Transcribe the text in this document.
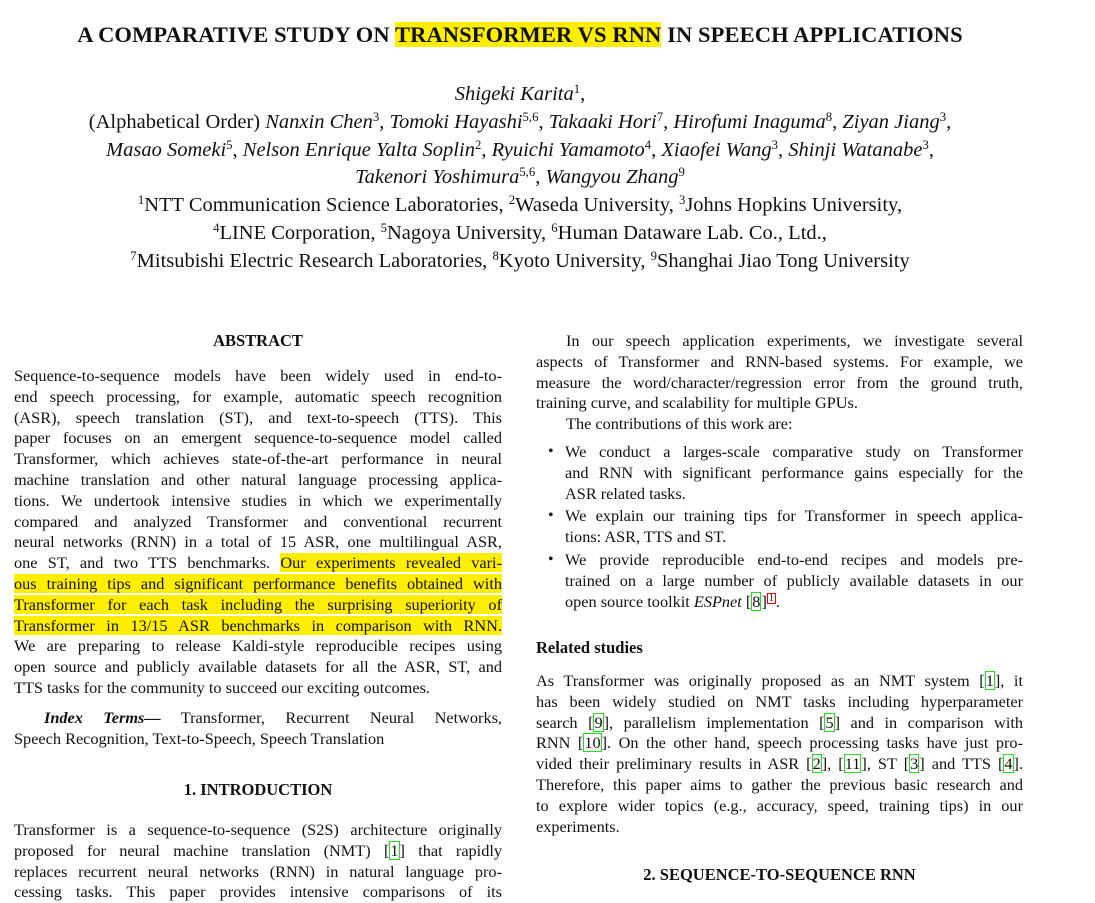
A COMPARATIVE STUDY ON TRANSFORMER VS RNN IN SPEECH APPLICATIONS
Shigeki Karita$^1$,
(Alphabetical Order) Nanxin Chen$^3$, Tomoki Hayashi$^{5,6}$, Takaaki Hori$^7$, Hirofumi Inaguma$^8$, Ziyan Jiang$^3$,
Masao Someki$^5$, Nelson Enrique Yalta Soplin$^2$, Ryuichi Yamamoto$^4$, Xiaofei Wang$^3$, Shinji Watanabe$^3$,
Takenori Yoshimura$^{5,6}$, Wangyou Zhang$^9$
$^1$NTT Communication Science Laboratories, $^2$Waseda University, $^3$Johns Hopkins University,
$^4$LINE Corporation, $^5$Nagoya University, $^6$Human Dataware Lab. Co., Ltd.,
$^7$Mitsubishi Electric Research Laboratories, $^8$Kyoto University, $^9$Shanghai Jiao Tong University
ABSTRACT
Sequence-to-sequence models have been widely used in end-to-
end speech processing, for example, automatic speech recognition
(ASR), speech translation (ST), and text-to-speech (TTS). This
paper focuses on an emergent sequence-to-sequence model called
Transformer, which achieves state-of-the-art performance in neural
machine translation and other natural language processing applica-
tions. We undertook intensive studies in which we experimentally
compared and analyzed Transformer and conventional recurrent
neural networks (RNN) in a total of 15 ASR, one multilingual ASR,
one ST, and two TTS benchmarks. Our experiments revealed vari-
ous training tips and significant performance benefits obtained with
Transformer for each task including the surprising superiority of
Transformer in 13/15 ASR benchmarks in comparison with RNN.
We are preparing to release Kaldi-style reproducible recipes using
open source and publicly available datasets for all the ASR, ST, and
TTS tasks for the community to succeed our exciting outcomes.
Index Terms— Transformer, Recurrent Neural Networks,
Speech Recognition, Text-to-Speech, Speech Translation
1. INTRODUCTION
Transformer is a sequence-to-sequence (S2S) architecture originally
proposed for neural machine translation (NMT) [1] that rapidly
replaces recurrent neural networks (RNN) in natural language pro-
cessing tasks. This paper provides intensive comparisons of its
In our speech application experiments, we investigate several
aspects of Transformer and RNN-based systems. For example, we
measure the word/character/regression error from the ground truth,
training curve, and scalability for multiple GPUs.
The contributions of this work are:
• We conduct a larges-scale comparative study on Transformer
and RNN with significant performance gains especially for the
ASR related tasks.
• We explain our training tips for Transformer in speech applica-
tions: ASR, TTS and ST.
• We provide reproducible end-to-end recipes and models pre-
trained on a large number of publicly available datasets in our
open source toolkit ESPnet [8] $^1$ .
Related studies
As Transformer was originally proposed as an NMT system [1], it
has been widely studied on NMT tasks including hyperparameter
search [9], parallelism implementation [5] and in comparison with
RNN [10]. On the other hand, speech processing tasks have just pro-
vided their preliminary results in ASR [2], [11], ST [3] and TTS [4].
Therefore, this paper aims to gather the previous basic research and
to explore wider topics (e.g., accuracy, speed, training tips) in our
experiments.
2. SEQUENCE-TO-SEQUENCE RNN
